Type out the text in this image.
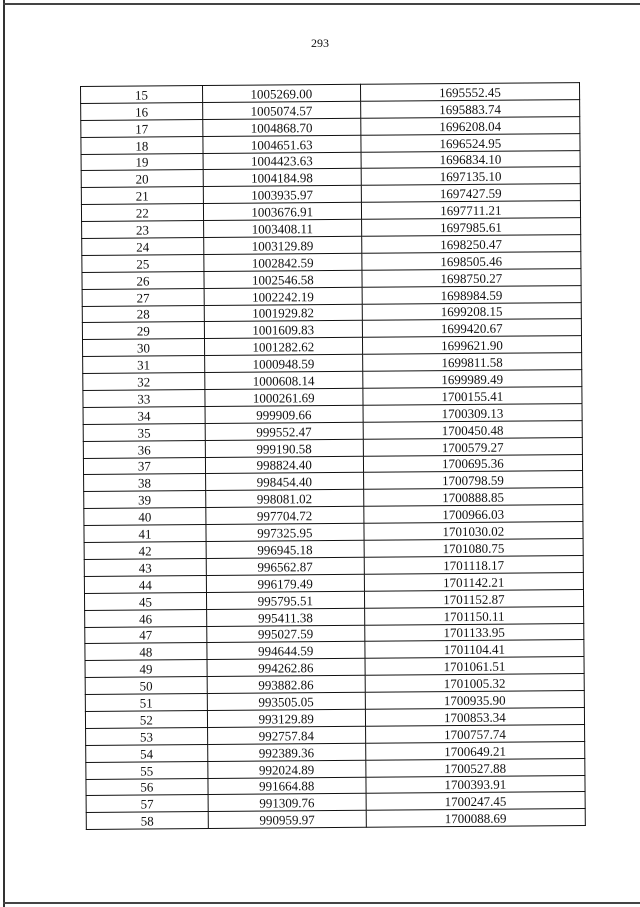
293
15	1005269.00	1695552.45
16	1005074.57	1695883.74
17	1004868.70	1696208.04
18	1004651.63	1696524.95
19	1004423.63	1696834.10
20	1004184.98	1697135.10
21	1003935.97	1697427.59
22	1003676.91	1697711.21
23	1003408.11	1697985.61
24	1003129.89	1698250.47
25	1002842.59	1698505.46
26	1002546.58	1698750.27
27	1002242.19	1698984.59
28	1001929.82	1699208.15
29	1001609.83	1699420.67
30	1001282.62	1699621.90
31	1000948.59	1699811.58
32	1000608.14	1699989.49
33	1000261.69	1700155.41
34	999909.66	1700309.13
35	999552.47	1700450.48
36	999190.58	1700579.27
37	998824.40	1700695.36
38	998454.40	1700798.59
39	998081.02	1700888.85
40	997704.72	1700966.03
41	997325.95	1701030.02
42	996945.18	1701080.75
43	996562.87	1701118.17
44	996179.49	1701142.21
45	995795.51	1701152.87
46	995411.38	1701150.11
47	995027.59	1701133.95
48	994644.59	1701104.41
49	994262.86	1701061.51
50	993882.86	1701005.32
51	993505.05	1700935.90
52	993129.89	1700853.34
53	992757.84	1700757.74
54	992389.36	1700649.21
55	992024.89	1700527.88
56	991664.88	1700393.91
57	991309.76	1700247.45
58	990959.97	1700088.69
